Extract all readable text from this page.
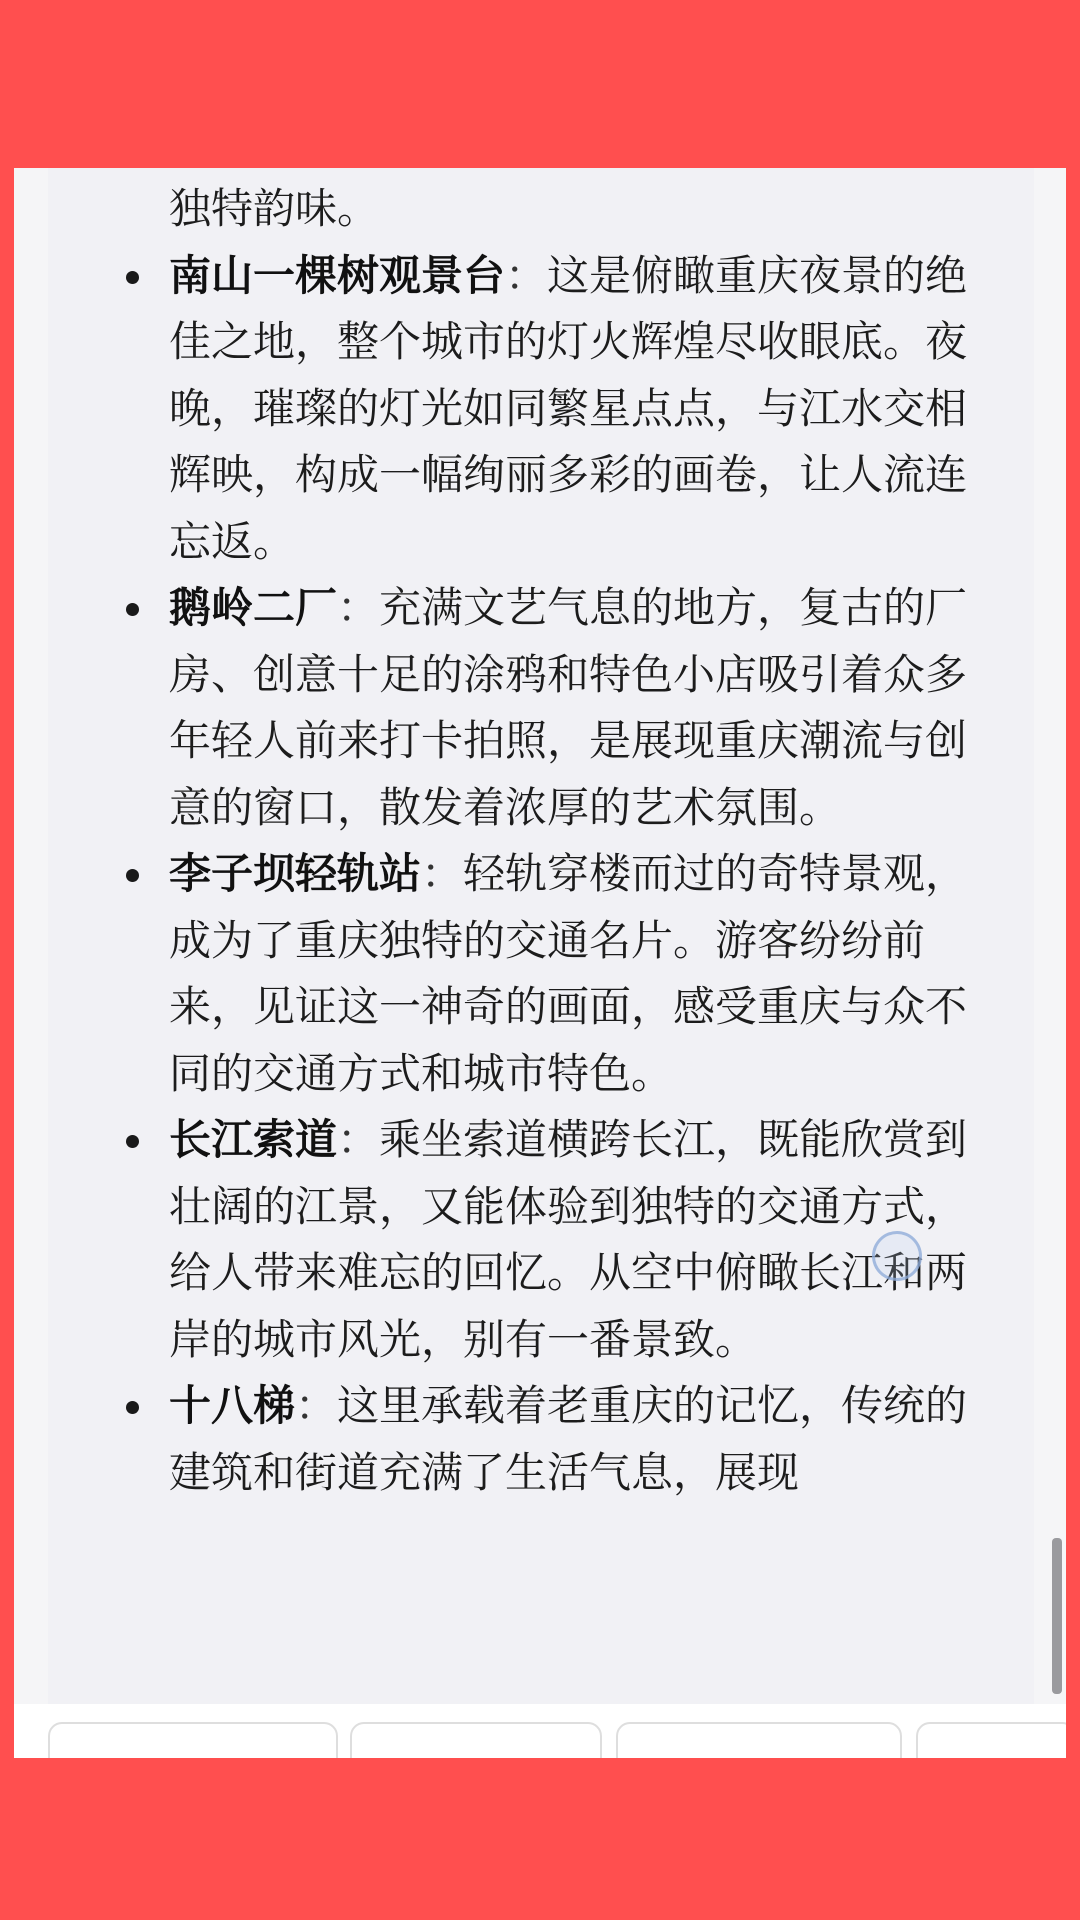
独特韵味。

南山一棵树观景台：这是俯瞰重庆夜景的绝佳之地，整个城市的灯火辉煌尽收眼底。夜晚，璀璨的灯光如同繁星点点，与江水交相辉映，构成一幅绚丽多彩的画卷，让人流连忘返。
鹅岭二厂：充满文艺气息的地方，复古的厂房、创意十足的涂鸦和特色小店吸引着众多年轻人前来打卡拍照，是展现重庆潮流与创意的窗口，散发着浓厚的艺术氛围。
李子坝轻轨站：轻轨穿楼而过的奇特景观，成为了重庆独特的交通名片。游客纷纷前来，见证这一神奇的画面，感受重庆与众不同的交通方式和城市特色。
长江索道：乘坐索道横跨长江，既能欣赏到壮阔的江景，又能体验到独特的交通方式，给人带来难忘的回忆。从空中俯瞰长江和两岸的城市风光，别有一番景致。
十八梯：这里承载着老重庆的记忆，传统的建筑和街道充满了生活气息，展现
